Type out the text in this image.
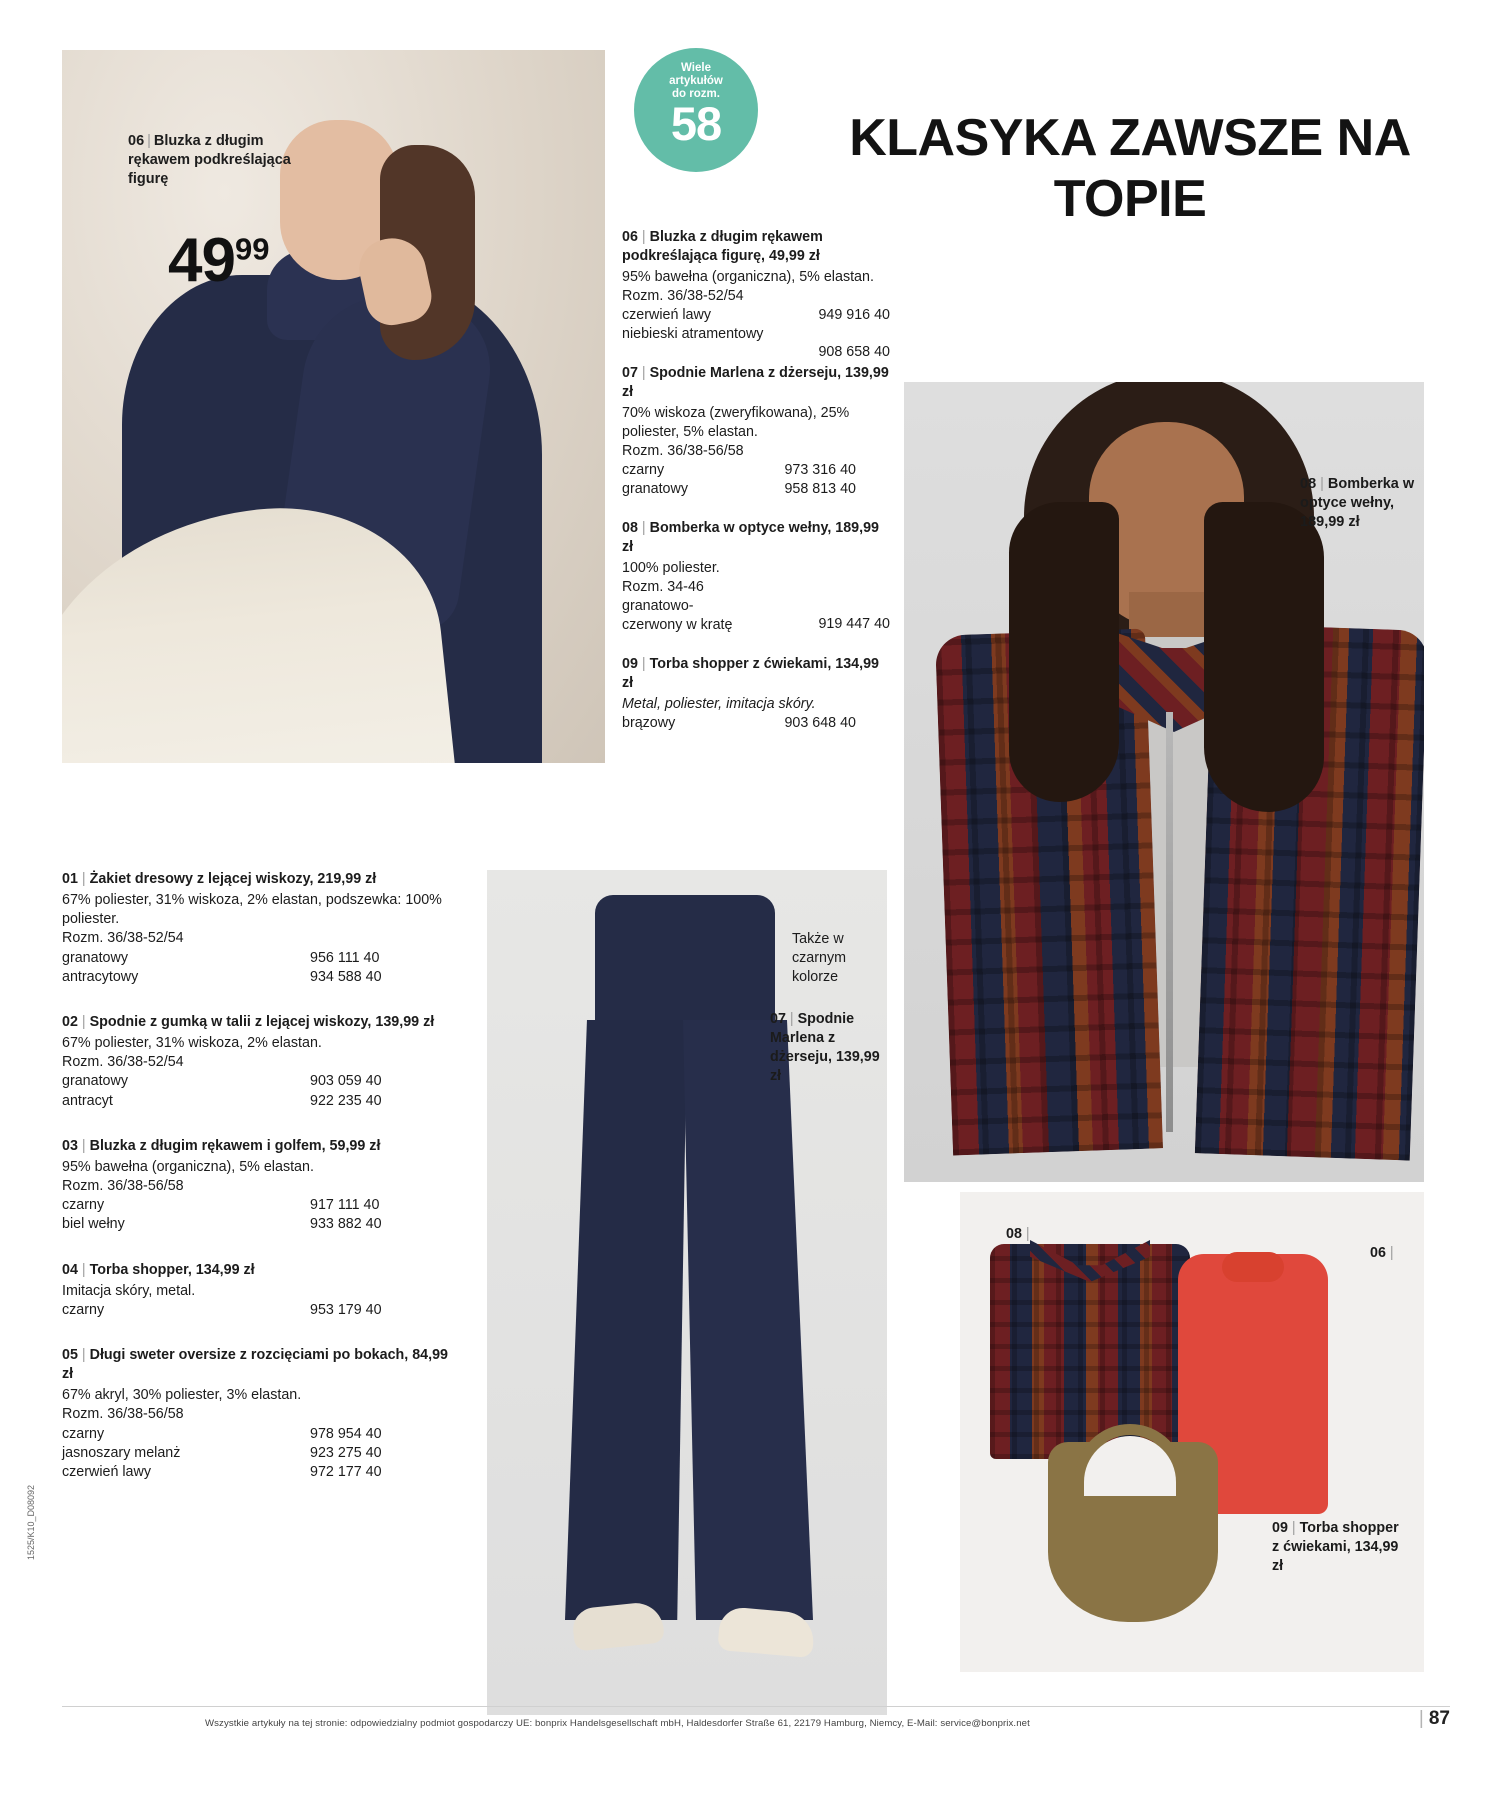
06 | Bluzka z długim rękawem podkreślająca figurę
$49^{99}$
Wiele
artykułów
do rozm.
58	KLASYKA ZAWSZE NA TOPIE
06 | Bluzka z długim rękawem podkreślająca figurę, 49,99 zł
95% bawełna (organiczna), 5% elastan.
Rozm. 36/38-52/54
czerwień lawy	949 916 40
niebieski atramentowy
908 658 40
07 | Spodnie Marlena z dżerseju, 139,99 zł
70% wiskoza (zweryfikowana), 25% poliester, 5% elastan.
Rozm. 36/38-56/58
czarny	973 316 40
granatowy	958 813 40
08 | Bomberka w optyce wełny, 189,99 zł
100% poliester.
Rozm. 34-46
granatowo-czerwony w kratę	919 447 40
09 | Torba shopper z ćwiekami, 134,99 zł
Metal, poliester, imitacja skóry.
brązowy	903 648 40
08 | Bomberka w optyce wełny, 189,99 zł
01 | Żakiet dresowy z lejącej wiskozy, 219,99 zł
67% poliester, 31% wiskoza, 2% elastan, podszewka: 100% poliester.
Rozm. 36/38-52/54
granatowy	956 111 40
antracytowy	934 588 40
02 | Spodnie z gumką w talii z lejącej wiskozy, 139,99 zł
67% poliester, 31% wiskoza, 2% elastan.
Rozm. 36/38-52/54
granatowy	903 059 40
antracyt	922 235 40
03 | Bluzka z długim rękawem i golfem, 59,99 zł
95% bawełna (organiczna), 5% elastan.
Rozm. 36/38-56/58
czarny	917 111 40
biel wełny	933 882 40
04 | Torba shopper, 134,99 zł
Imitacja skóry, metal.
czarny	953 179 40
05 | Długi sweter oversize z rozcięciami po bokach, 84,99 zł
67% akryl, 30% poliester, 3% elastan.
Rozm. 36/38-56/58
czarny	978 954 40
jasnoszary melanż	923 275 40
czerwień lawy	972 177 40
Także w czarnym kolorze
07 | Spodnie Marlena z dżerseju, 139,99 zł
08 |
06 |
09 | Torba shopper z ćwiekami, 134,99 zł
Wszystkie artykuły na tej stronie: odpowiedzialny podmiot gospodarczy UE: bonprix Handelsgesellschaft mbH, Haldesdorfer Straße 61, 22179 Hamburg, Niemcy, E-Mail: service@bonprix.net	| 87
1525/K10_D08092
